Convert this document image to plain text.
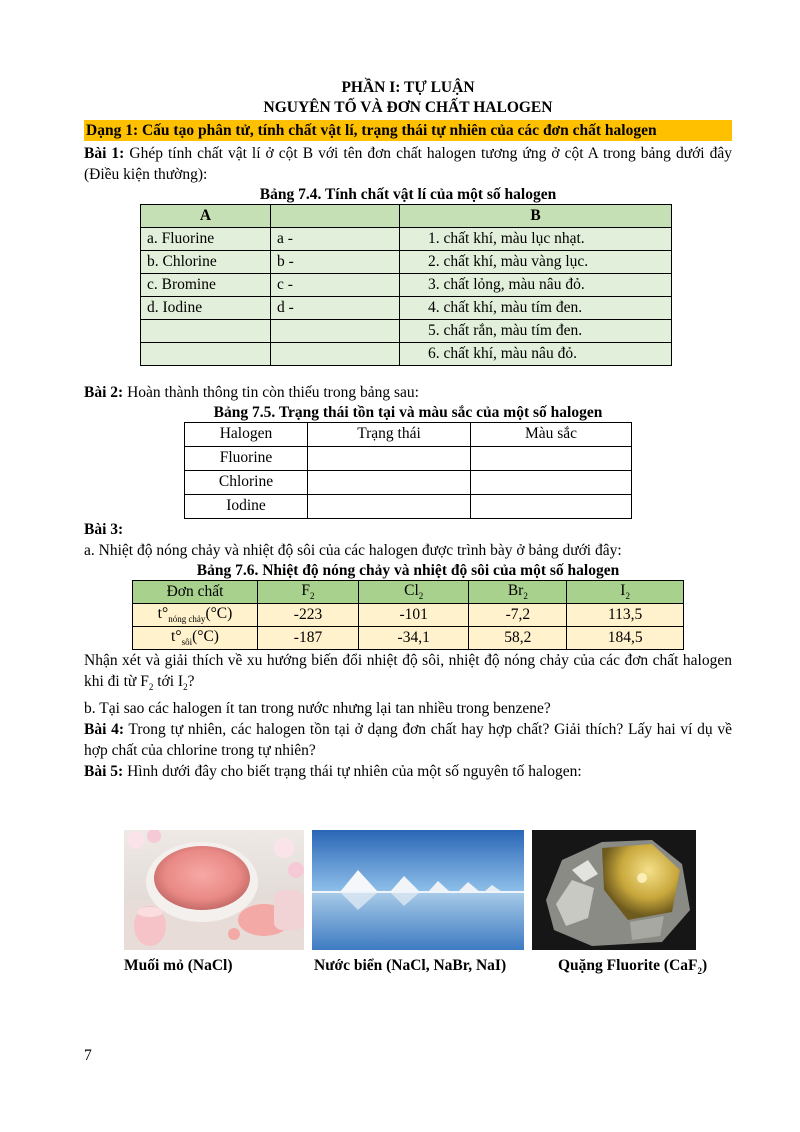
PHẦN I: TỰ LUẬN
NGUYÊN TỐ VÀ ĐƠN CHẤT HALOGEN
Dạng 1: Cấu tạo phân tử, tính chất vật lí, trạng thái tự nhiên của các đơn chất halogen

Bài 1: Ghép tính chất vật lí ở cột B với tên đơn chất halogen tương ứng ở cột A trong bảng dưới đây (Điều kiện thường):

Bảng 7.4. Tính chất vật lí của một số halogen
A		B
a. Fluorine	a -	1. chất khí, màu lục nhạt.
b. Chlorine	b -	2. chất khí, màu vàng lục.
c. Bromine	c -	3. chất lỏng, màu nâu đỏ.
d. Iodine	d -	4. chất khí, màu tím đen.
		5. chất rắn, màu tím đen.
		6. chất khí, màu nâu đỏ.

Bài 2: Hoàn thành thông tin còn thiếu trong bảng sau:

Bảng 7.5. Trạng thái tồn tại và màu sắc của một số halogen
Halogen	Trạng thái	Màu sắc
Fluorine		
Chlorine		
Iodine		

Bài 3:

a. Nhiệt độ nóng chảy và nhiệt độ sôi của các halogen được trình bày ở bảng dưới đây:

Bảng 7.6. Nhiệt độ nóng chảy và nhiệt độ sôi của một số halogen
Đơn chất	$F_2$	$Cl_2$	$Br_2$	$I_2$
$t^\circ_{nóng chảy}(^\circ C)$	-223	-101	-7,2	113,5
$t^\circ_{sôi}(^\circ C)$	-187	-34,1	58,2	184,5

Nhận xét và giải thích về xu hướng biến đổi nhiệt độ sôi, nhiệt độ nóng chảy của các đơn chất halogen khi đi từ $F_2$ tới $I_2$?

b. Tại sao các halogen ít tan trong nước nhưng lại tan nhiều trong benzene?

Bài 4: Trong tự nhiên, các halogen tồn tại ở dạng đơn chất hay hợp chất? Giải thích? Lấy hai ví dụ về hợp chất của chlorine trong tự nhiên?

Bài 5: Hình dưới đây cho biết trạng thái tự nhiên của một số nguyên tố halogen:

Muối mỏ (NaCl)	Nước biển (NaCl, NaBr, NaI)	Quặng Fluorite (CaF$_2$)
7
